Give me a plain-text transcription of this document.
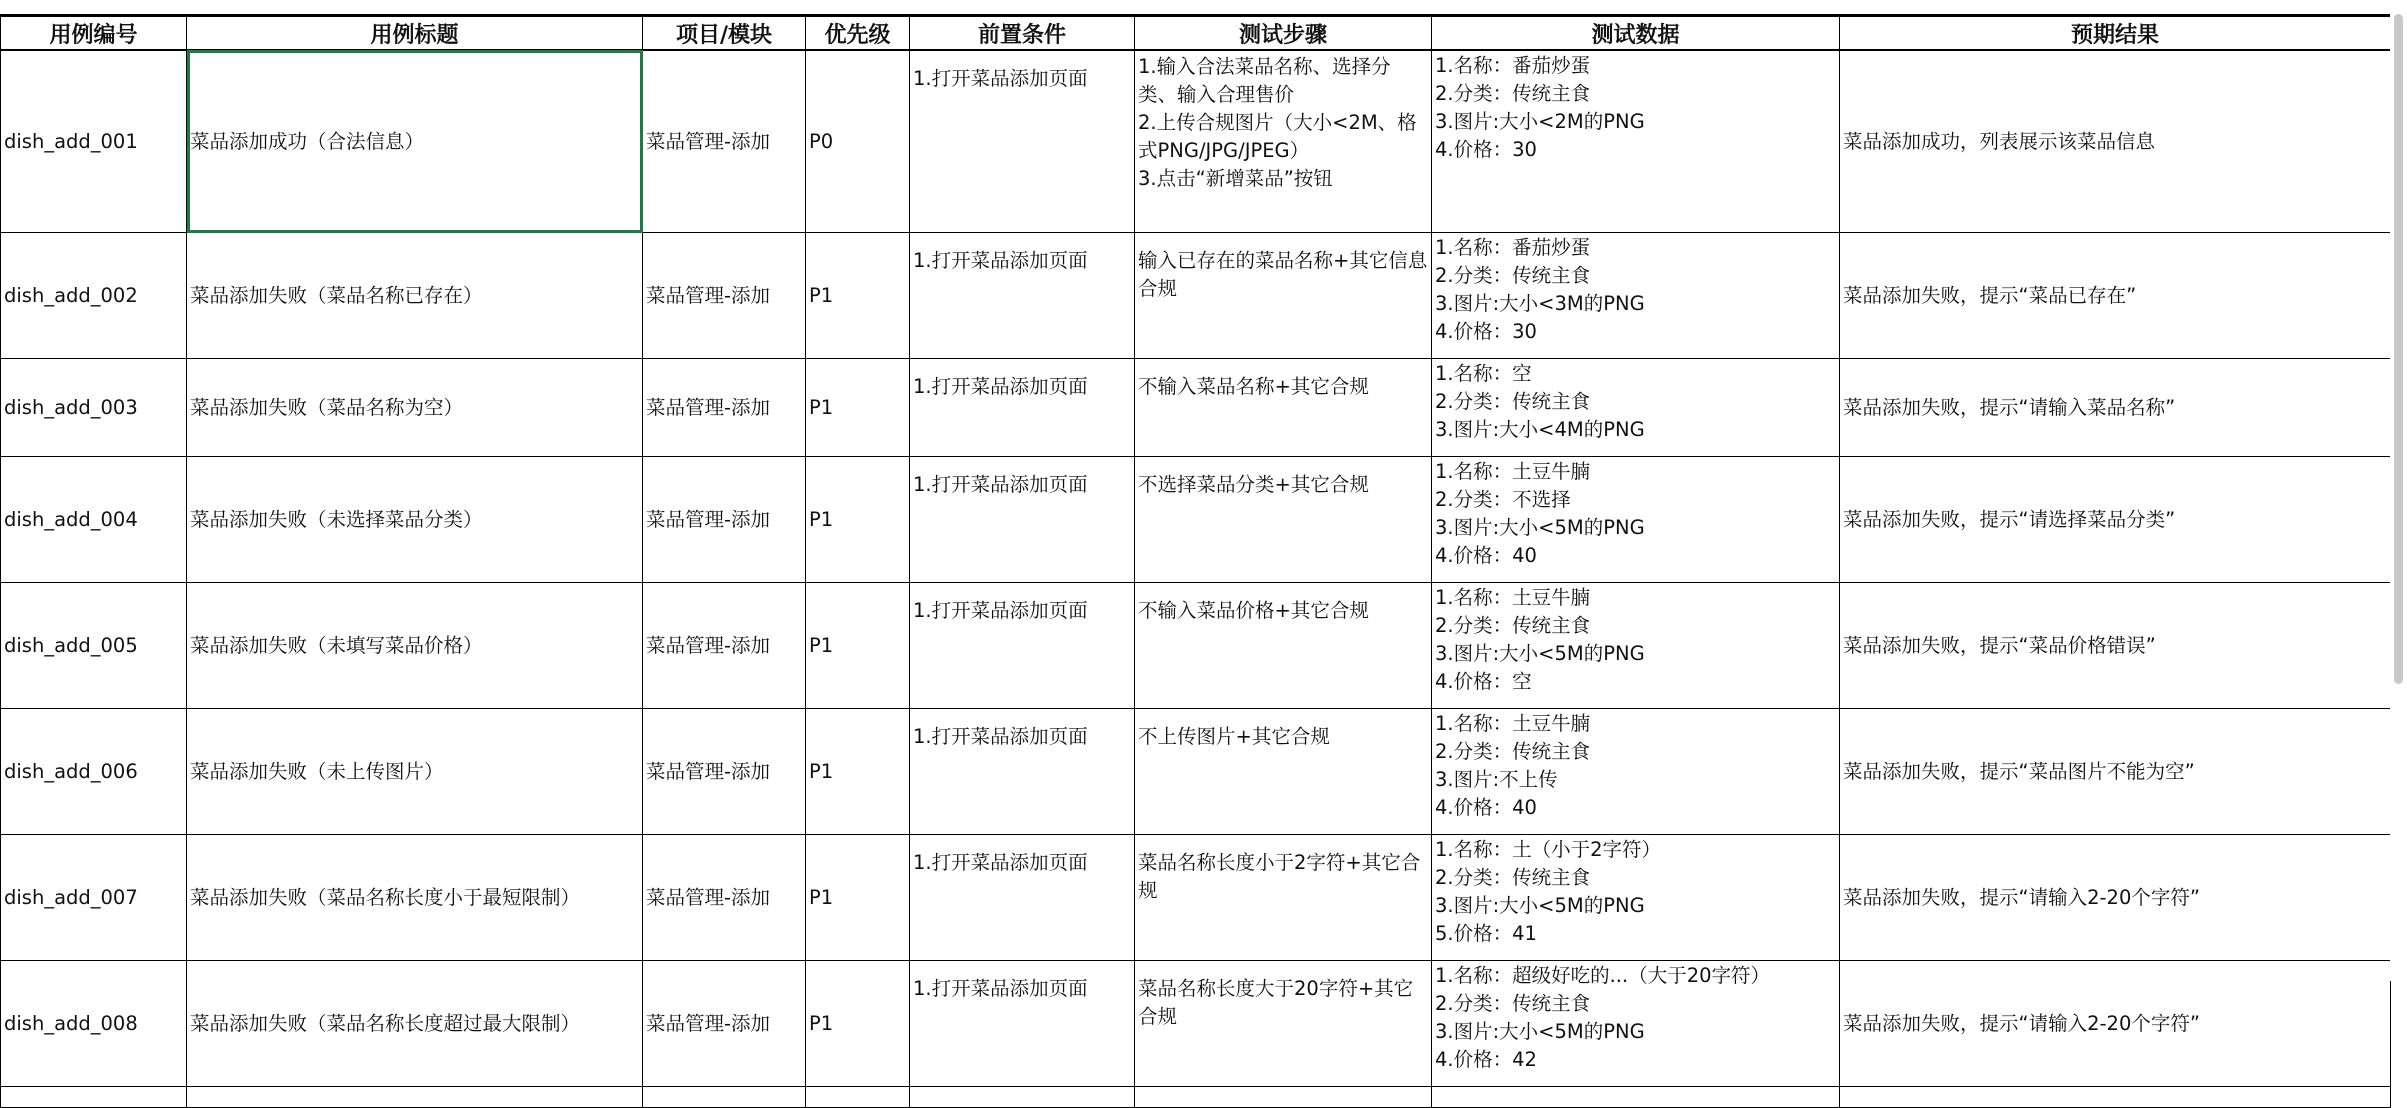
用例编号	用例标题	项目/模块	优先级	前置条件	测试步骤	测试数据	预期结果
dish_add_001	菜品添加成功（合法信息）	菜品管理-添加	P0	1.打开菜品添加页面	1.输入合法菜品名称、选择分类、输入合理售价
2.上传合规图片（大小<2M、格式PNG/JPG/JPEG）
3.点击“新增菜品”按钮	1.名称：番茄炒蛋
2.分类：传统主食
3.图片:大小<2M的PNG
4.价格：30	菜品添加成功，列表展示该菜品信息
dish_add_002	菜品添加失败（菜品名称已存在）	菜品管理-添加	P1	1.打开菜品添加页面	输入已存在的菜品名称+其它信息 合规	1.名称：番茄炒蛋
2.分类：传统主食
3.图片:大小<3M的PNG
4.价格：30	菜品添加失败，提示“菜品已存在”
dish_add_003	菜品添加失败（菜品名称为空）	菜品管理-添加	P1	1.打开菜品添加页面	不输入菜品名称+其它合规	1.名称：空
2.分类：传统主食
3.图片:大小<4M的PNG	菜品添加失败，提示“请输入菜品名称”
dish_add_004	菜品添加失败（未选择菜品分类）	菜品管理-添加	P1	1.打开菜品添加页面	不选择菜品分类+其它合规	1.名称：土豆牛腩
2.分类：不选择
3.图片:大小<5M的PNG
4.价格：40	菜品添加失败，提示“请选择菜品分类”
dish_add_005	菜品添加失败（未填写菜品价格）	菜品管理-添加	P1	1.打开菜品添加页面	不输入菜品价格+其它合规	1.名称：土豆牛腩
2.分类：传统主食
3.图片:大小<5M的PNG
4.价格：空	菜品添加失败，提示“菜品价格错误”
dish_add_006	菜品添加失败（未上传图片）	菜品管理-添加	P1	1.打开菜品添加页面	不上传图片+其它合规	1.名称：土豆牛腩
2.分类：传统主食
3.图片:不上传
4.价格：40	菜品添加失败，提示“菜品图片不能为空”
dish_add_007	菜品添加失败（菜品名称长度小于最短限制）	菜品管理-添加	P1	1.打开菜品添加页面	菜品名称长度小于2字符+其它合规	1.名称：土（小于2字符）
2.分类：传统主食
3.图片:大小<5M的PNG
5.价格：41	菜品添加失败，提示“请输入2-20个字符”
dish_add_008	菜品添加失败（菜品名称长度超过最大限制）	菜品管理-添加	P1	1.打开菜品添加页面	菜品名称长度大于20字符+其它合规	1.名称：超级好吃的...（大于20字符）
2.分类：传统主食
3.图片:大小<5M的PNG
4.价格：42	菜品添加失败，提示“请输入2-20个字符”
